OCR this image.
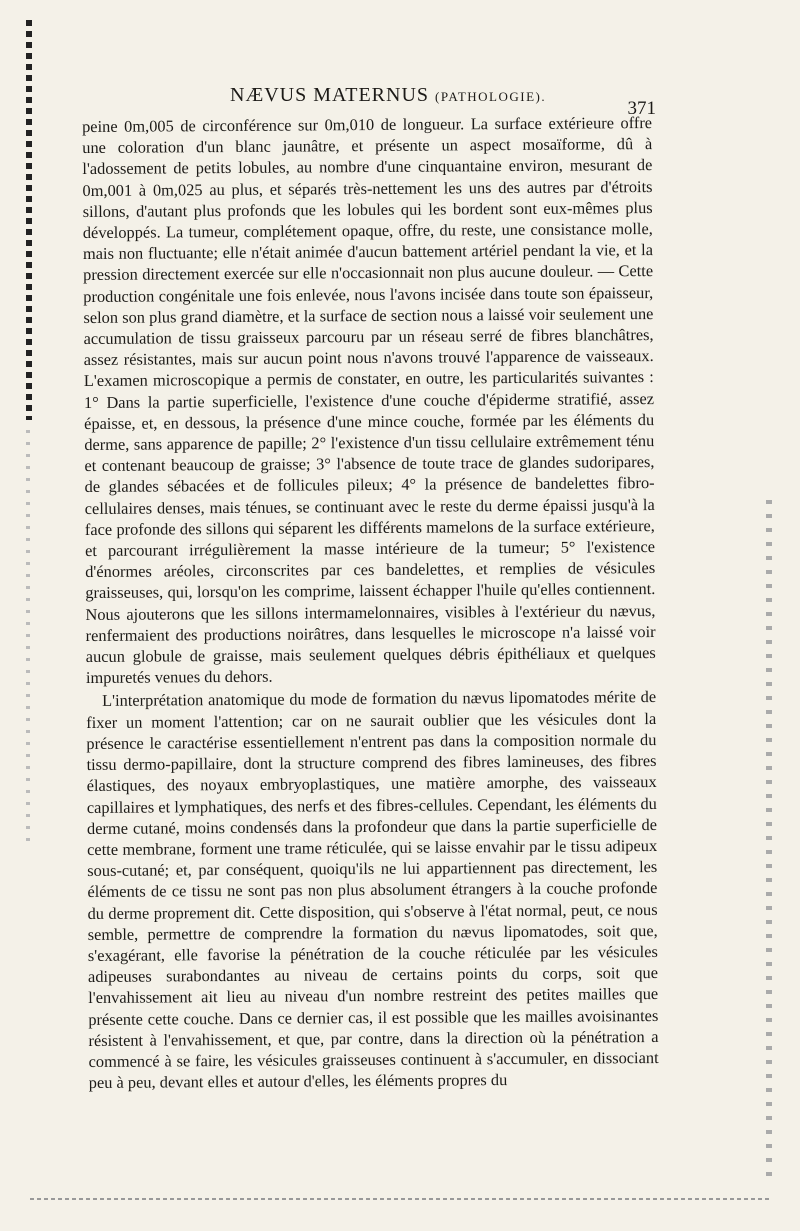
NÆVUS MATERNUS (PATHOLOGIE).
371

peine 0m,005 de circonférence sur 0m,010 de longueur. La surface extérieure offre une coloration d'un blanc jaunâtre, et présente un aspect mosaïforme, dû à l'adossement de petits lobules, au nombre d'une cinquantaine environ, mesurant de 0m,001 à 0m,025 au plus, et séparés très-nettement les uns des autres par d'étroits sillons, d'autant plus profonds que les lobules qui les bordent sont eux-mêmes plus développés. La tumeur, complétement opaque, offre, du reste, une consistance molle, mais non fluctuante; elle n'était animée d'aucun battement artériel pendant la vie, et la pression directement exercée sur elle n'occasionnait non plus aucune douleur. — Cette production congénitale une fois enlevée, nous l'avons incisée dans toute son épaisseur, selon son plus grand diamètre, et la surface de section nous a laissé voir seulement une accumulation de tissu graisseux parcouru par un réseau serré de fibres blanchâtres, assez résistantes, mais sur aucun point nous n'avons trouvé l'apparence de vaisseaux. L'examen microscopique a permis de constater, en outre, les particularités suivantes : 1° Dans la partie superficielle, l'existence d'une couche d'épiderme stratifié, assez épaisse, et, en dessous, la présence d'une mince couche, formée par les éléments du derme, sans apparence de papille; 2° l'existence d'un tissu cellulaire extrêmement ténu et contenant beaucoup de graisse; 3° l'absence de toute trace de glandes sudoripares, de glandes sébacées et de follicules pileux; 4° la présence de bandelettes fibro-cellulaires denses, mais ténues, se continuant avec le reste du derme épaissi jusqu'à la face profonde des sillons qui séparent les différents mamelons de la surface extérieure, et parcourant irrégulièrement la masse intérieure de la tumeur; 5° l'existence d'énormes aréoles, circonscrites par ces bandelettes, et remplies de vésicules graisseuses, qui, lorsqu'on les comprime, laissent échapper l'huile qu'elles contiennent. Nous ajouterons que les sillons intermamelonnaires, visibles à l'extérieur du nævus, renfermaient des productions noirâtres, dans lesquelles le microscope n'a laissé voir aucun globule de graisse, mais seulement quelques débris épithéliaux et quelques impuretés venues du dehors.

L'interprétation anatomique du mode de formation du nævus lipomatodes mérite de fixer un moment l'attention; car on ne saurait oublier que les vésicules dont la présence le caractérise essentiellement n'entrent pas dans la composition normale du tissu dermo-papillaire, dont la structure comprend des fibres lamineuses, des fibres élastiques, des noyaux embryoplastiques, une matière amorphe, des vaisseaux capillaires et lymphatiques, des nerfs et des fibres-cellules. Cependant, les éléments du derme cutané, moins condensés dans la profondeur que dans la partie superficielle de cette membrane, forment une trame réticulée, qui se laisse envahir par le tissu adipeux sous-cutané; et, par conséquent, quoiqu'ils ne lui appartiennent pas directement, les éléments de ce tissu ne sont pas non plus absolument étrangers à la couche profonde du derme proprement dit. Cette disposition, qui s'observe à l'état normal, peut, ce nous semble, permettre de comprendre la formation du nævus lipomatodes, soit que, s'exagérant, elle favorise la pénétration de la couche réticulée par les vésicules adipeuses surabondantes au niveau de certains points du corps, soit que l'envahissement ait lieu au niveau d'un nombre restreint des petites mailles que présente cette couche. Dans ce dernier cas, il est possible que les mailles avoisinantes résistent à l'envahissement, et que, par contre, dans la direction où la pénétration a commencé à se faire, les vésicules graisseuses continuent à s'accumuler, en dissociant peu à peu, devant elles et autour d'elles, les éléments propres du
